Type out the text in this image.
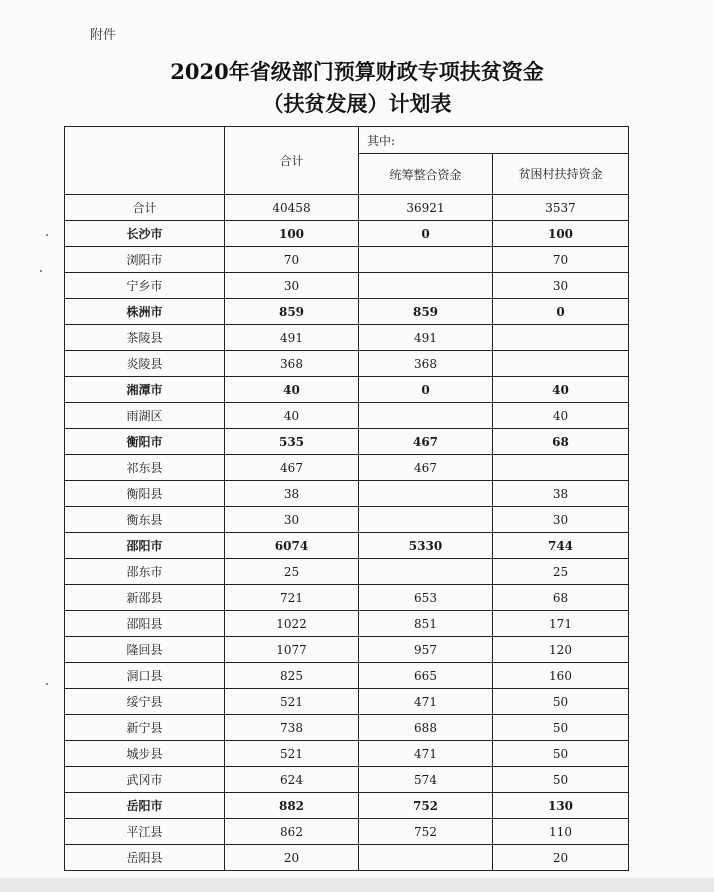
附件
2020年省级部门预算财政专项扶贫资金
（扶贫发展）计划表
	合计	其中:	
		统筹整合资金	贫困村扶持资金
合计	40458	36921	3537
长沙市	100	0	100
浏阳市	70		70
宁乡市	30		30
株洲市	859	859	0
茶陵县	491	491	
炎陵县	368	368	
湘潭市	40	0	40
雨湖区	40		40
衡阳市	535	467	68
祁东县	467	467	
衡阳县	38		38
衡东县	30		30
邵阳市	6074	5330	744
邵东市	25		25
新邵县	721	653	68
邵阳县	1022	851	171
隆回县	1077	957	120
洞口县	825	665	160
绥宁县	521	471	50
新宁县	738	688	50
城步县	521	471	50
武冈市	624	574	50
岳阳市	882	752	130
平江县	862	752	110
岳阳县	20		20
